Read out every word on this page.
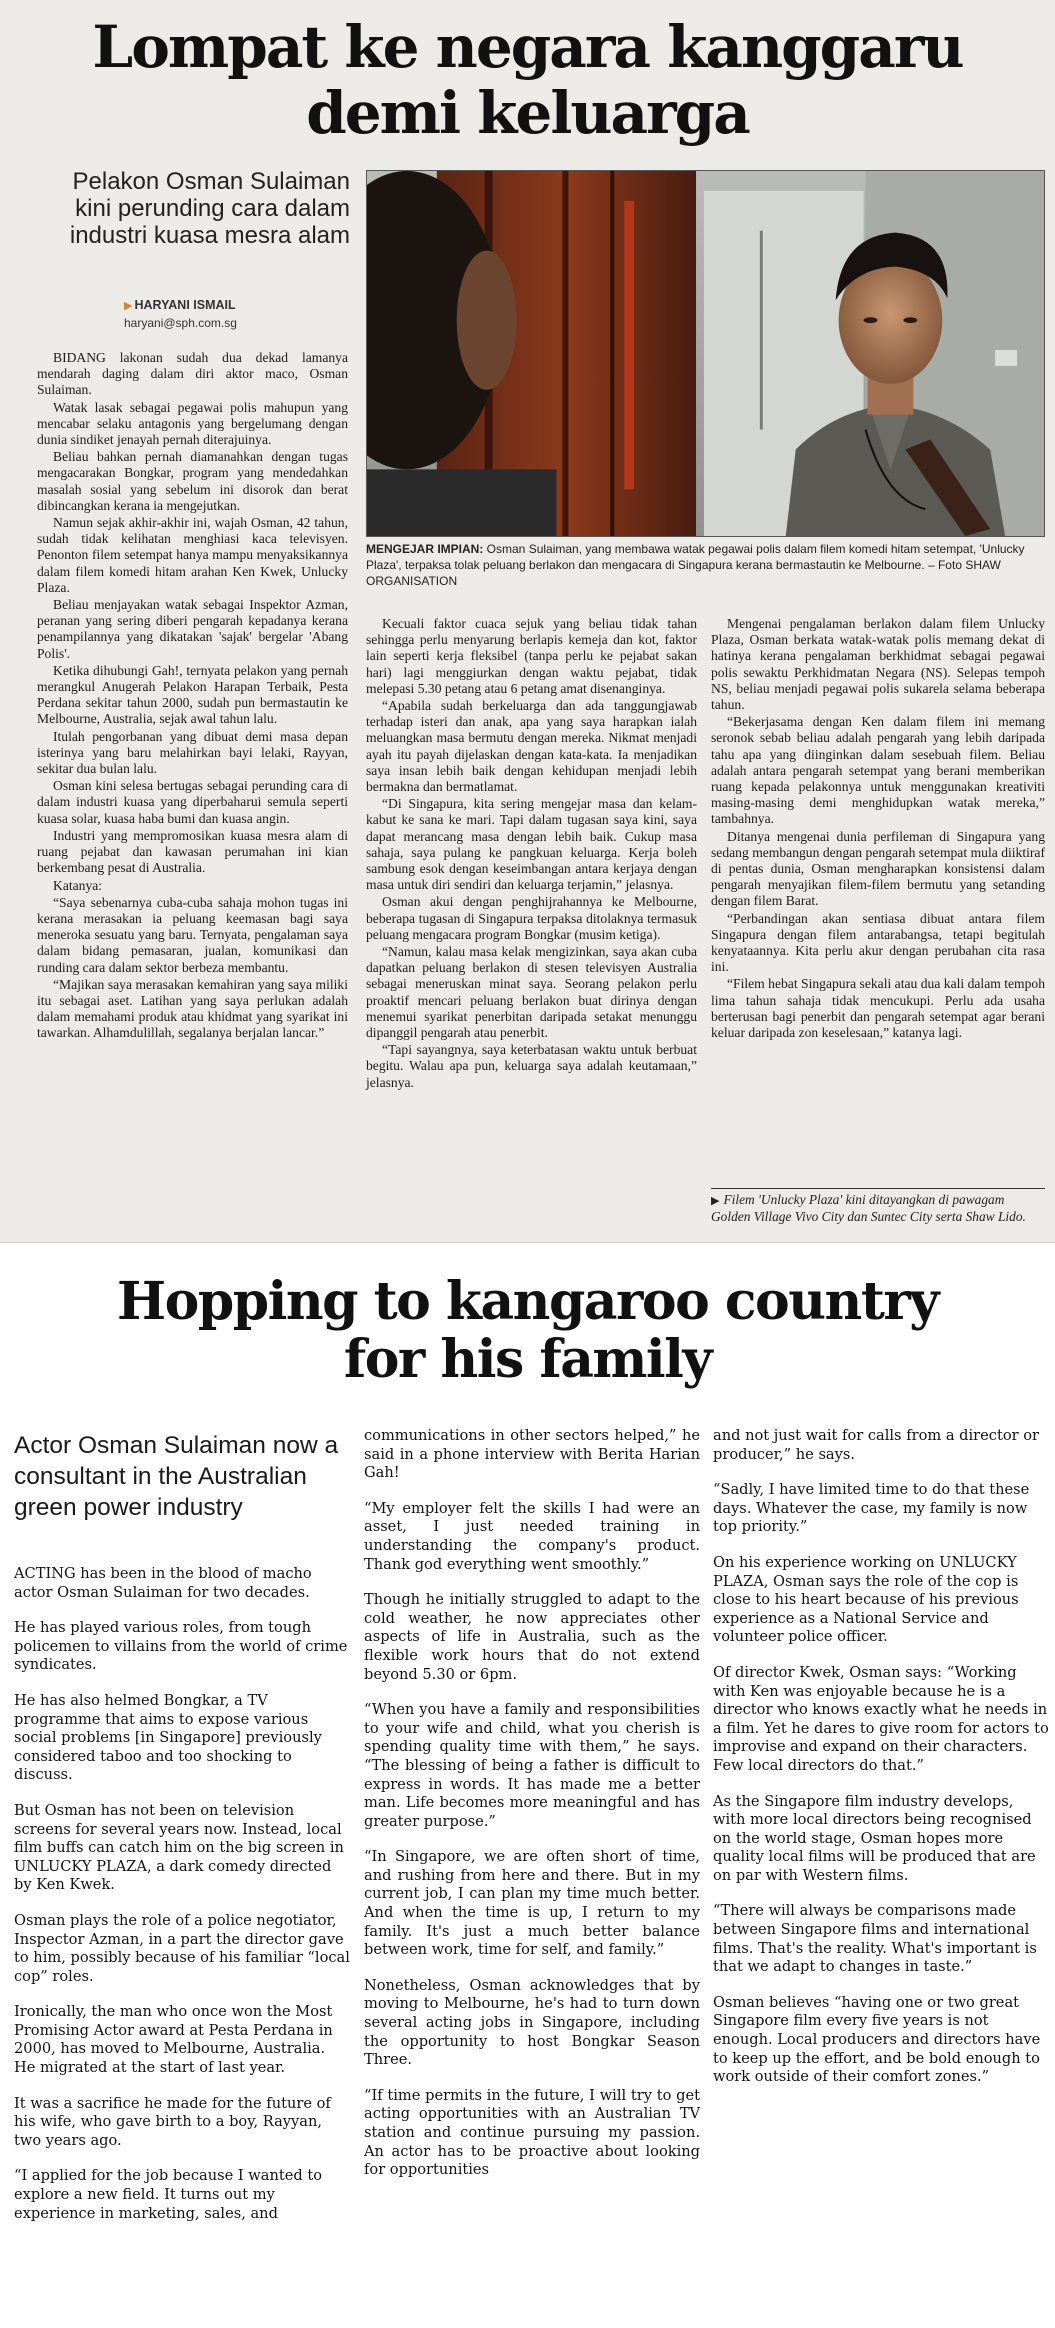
Lompat ke negara kanggaru
demi keluarga
Pelakon Osman Sulaiman kini perunding cara dalam industri kuasa mesra alam
▶ HARYANI ISMAIL
haryani@sph.com.sg
MENGEJAR IMPIAN: Osman Sulaiman, yang membawa watak pegawai polis dalam filem komedi hitam setempat, 'Unlucky Plaza', terpaksa tolak peluang berlakon dan mengacara di Singapura kerana bermastautin ke Melbourne. – Foto SHAW ORGANISATION

BIDANG lakonan sudah dua dekad lamanya mendarah daging dalam diri aktor maco, Osman Sulaiman.

Watak lasak sebagai pegawai polis mahupun yang mencabar selaku antagonis yang bergelumang dengan dunia sindiket jenayah pernah diterajuinya.

Beliau bahkan pernah diamanahkan dengan tugas mengacarakan Bongkar, program yang mendedahkan masalah sosial yang sebelum ini disorok dan berat dibincangkan kerana ia mengejutkan.

Namun sejak akhir-akhir ini, wajah Osman, 42 tahun, sudah tidak kelihatan menghiasi kaca televisyen. Penonton filem setempat hanya mampu menyaksikannya dalam filem komedi hitam arahan Ken Kwek, Unlucky Plaza.

Beliau menjayakan watak sebagai Inspektor Azman, peranan yang sering diberi pengarah kepadanya kerana penampilannya yang dikatakan 'sajak' bergelar 'Abang Polis'.

Ketika dihubungi Gah!, ternyata pelakon yang pernah merangkul Anugerah Pelakon Harapan Terbaik, Pesta Perdana sekitar tahun 2000, sudah pun bermastautin ke Melbourne, Australia, sejak awal tahun lalu.

Itulah pengorbanan yang dibuat demi masa depan isterinya yang baru melahirkan bayi lelaki, Rayyan, sekitar dua bulan lalu.

Osman kini selesa bertugas sebagai perunding cara di dalam industri kuasa yang diperbaharui semula seperti kuasa solar, kuasa haba bumi dan kuasa angin.

Industri yang mempromosikan kuasa mesra alam di ruang pejabat dan kawasan perumahan ini kian berkembang pesat di Australia.

Katanya:

“Saya sebenarnya cuba-cuba sahaja mohon tugas ini kerana merasakan ia peluang keemasan bagi saya meneroka sesuatu yang baru. Ternyata, pengalaman saya dalam bidang pemasaran, jualan, komunikasi dan runding cara dalam sektor berbeza membantu.

“Majikan saya merasakan kemahiran yang saya miliki itu sebagai aset. Latihan yang saya perlukan adalah dalam memahami produk atau khidmat yang syarikat ini tawarkan. Alhamdulillah, segalanya berjalan lancar.”

Kecuali faktor cuaca sejuk yang beliau tidak tahan sehingga perlu menyarung berlapis kemeja dan kot, faktor lain seperti kerja fleksibel (tanpa perlu ke pejabat sakan hari) lagi menggiurkan dengan waktu pejabat, tidak melepasi 5.30 petang atau 6 petang amat disenanginya.

“Apabila sudah berkeluarga dan ada tanggungjawab terhadap isteri dan anak, apa yang saya harapkan ialah meluangkan masa bermutu dengan mereka. Nikmat menjadi ayah itu payah dijelaskan dengan kata-kata. Ia menjadikan saya insan lebih baik dengan kehidupan menjadi lebih bermakna dan bermatlamat.

“Di Singapura, kita sering mengejar masa dan kelam-kabut ke sana ke mari. Tapi dalam tugasan saya kini, saya dapat merancang masa dengan lebih baik. Cukup masa sahaja, saya pulang ke pangkuan keluarga. Kerja boleh sambung esok dengan keseimbangan antara kerjaya dengan masa untuk diri sendiri dan keluarga terjamin,” jelasnya.

Osman akui dengan penghijrahannya ke Melbourne, beberapa tugasan di Singapura terpaksa ditolaknya termasuk peluang mengacara program Bongkar (musim ketiga).

“Namun, kalau masa kelak mengizinkan, saya akan cuba dapatkan peluang berlakon di stesen televisyen Australia sebagai meneruskan minat saya. Seorang pelakon perlu proaktif mencari peluang berlakon buat dirinya dengan menemui syarikat penerbitan daripada setakat menunggu dipanggil pengarah atau penerbit.

“Tapi sayangnya, saya keterbatasan waktu untuk berbuat begitu. Walau apa pun, keluarga saya adalah keutamaan,” jelasnya.

Mengenai pengalaman berlakon dalam filem Unlucky Plaza, Osman berkata watak-watak polis memang dekat di hatinya kerana pengalaman berkhidmat sebagai pegawai polis sewaktu Perkhidmatan Negara (NS). Selepas tempoh NS, beliau menjadi pegawai polis sukarela selama beberapa tahun.

“Bekerjasama dengan Ken dalam filem ini memang seronok sebab beliau adalah pengarah yang lebih daripada tahu apa yang diinginkan dalam sesebuah filem. Beliau adalah antara pengarah setempat yang berani memberikan ruang kepada pelakonnya untuk menggunakan kreativiti masing-masing demi menghidupkan watak mereka,” tambahnya.

Ditanya mengenai dunia perfileman di Singapura yang sedang membangun dengan pengarah setempat mula diiktiraf di pentas dunia, Osman mengharapkan konsistensi dalam pengarah menyajikan filem-filem bermutu yang setanding dengan filem Barat.

“Perbandingan akan sentiasa dibuat antara filem Singapura dengan filem antarabangsa, tetapi begitulah kenyataannya. Kita perlu akur dengan perubahan cita rasa ini.

“Filem hebat Singapura sekali atau dua kali dalam tempoh lima tahun sahaja tidak mencukupi. Perlu ada usaha berterusan bagi penerbit dan pengarah setempat agar berani keluar daripada zon keselesaan,” katanya lagi.

▶ Filem 'Unlucky Plaza' kini ditayangkan di pawagam Golden Village Vivo City dan Suntec City serta Shaw Lido.
Hopping to kangaroo country
for his family
Actor Osman Sulaiman now a consultant in the Australian green power industry

ACTING has been in the blood of macho actor Osman Sulaiman for two decades.

He has played various roles, from tough policemen to villains from the world of crime syndicates.

He has also helmed Bongkar, a TV programme that aims to expose various social problems [in Singapore] previously considered taboo and too shocking to discuss.

But Osman has not been on television screens for several years now. Instead, local film buffs can catch him on the big screen in UNLUCKY PLAZA, a dark comedy directed by Ken Kwek.

Osman plays the role of a police negotiator, Inspector Azman, in a part the director gave to him, possibly because of his familiar “local cop” roles.

Ironically, the man who once won the Most Promising Actor award at Pesta Perdana in 2000, has moved to Melbourne, Australia. He migrated at the start of last year.

It was a sacrifice he made for the future of his wife, who gave birth to a boy, Rayyan, two years ago.

“I applied for the job because I wanted to explore a new field. It turns out my experience in marketing, sales, and

communications in other sectors helped,” he said in a phone interview with Berita Harian Gah!

“My employer felt the skills I had were an asset, I just needed training in understanding the company's product. Thank god everything went smoothly.”

Though he initially struggled to adapt to the cold weather, he now appreciates other aspects of life in Australia, such as the flexible work hours that do not extend beyond 5.30 or 6pm.

“When you have a family and responsibilities to your wife and child, what you cherish is spending quality time with them,” he says. “The blessing of being a father is difficult to express in words. It has made me a better man. Life becomes more meaningful and has greater purpose.”

“In Singapore, we are often short of time, and rushing from here and there. But in my current job, I can plan my time much better. And when the time is up, I return to my family. It's just a much better balance between work, time for self, and family.”

Nonetheless, Osman acknowledges that by moving to Melbourne, he's had to turn down several acting jobs in Singapore, including the opportunity to host Bongkar Season Three.

“If time permits in the future, I will try to get acting opportunities with an Australian TV station and continue pursuing my passion. An actor has to be proactive about looking for opportunities

and not just wait for calls from a director or producer,” he says.

“Sadly, I have limited time to do that these days. Whatever the case, my family is now top priority.”

On his experience working on UNLUCKY PLAZA, Osman says the role of the cop is close to his heart because of his previous experience as a National Service and volunteer police officer.

Of director Kwek, Osman says: “Working with Ken was enjoyable because he is a director who knows exactly what he needs in a film. Yet he dares to give room for actors to improvise and expand on their characters. Few local directors do that.”

As the Singapore film industry develops, with more local directors being recognised on the world stage, Osman hopes more quality local films will be produced that are on par with Western films.

“There will always be comparisons made between Singapore films and international films. That's the reality. What's important is that we adapt to changes in taste.”

Osman believes “having one or two great Singapore film every five years is not enough. Local producers and directors have to keep up the effort, and be bold enough to work outside of their comfort zones.”
